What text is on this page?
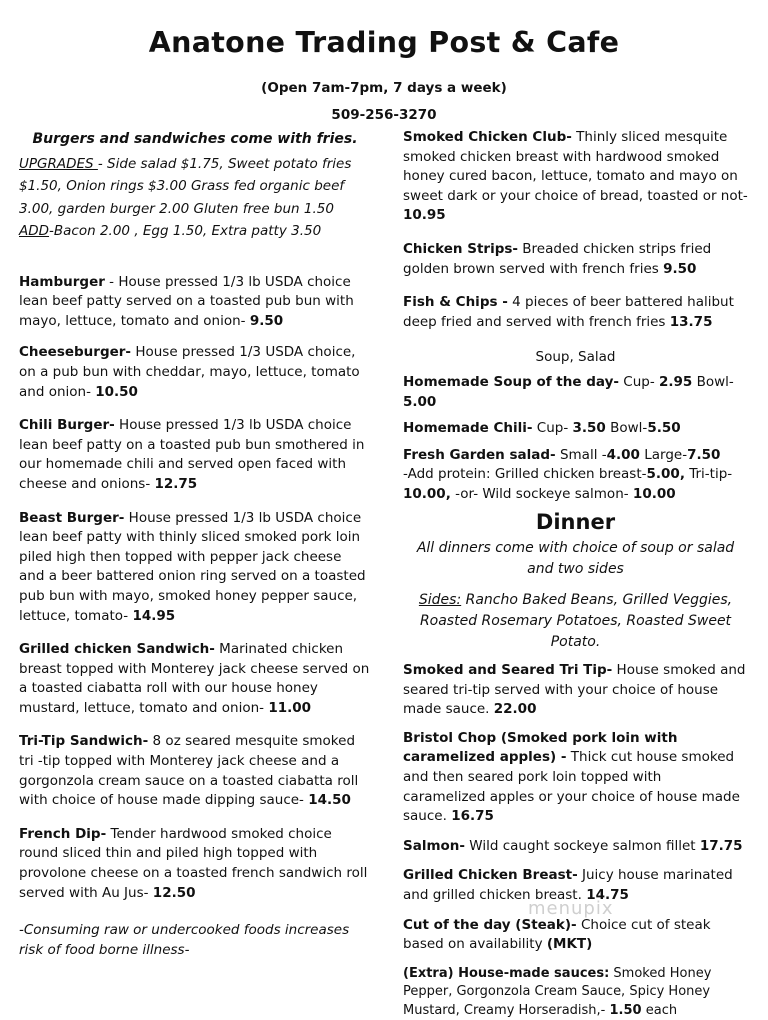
Anatone Trading Post & Cafe
(Open 7am-7pm, 7 days a week)
509-256-3270
Burgers and sandwiches come with fries.
UPGRADES - Side salad $1.75, Sweet potato fries $1.50, Onion rings $3.00 Grass fed organic beef 3.00, garden burger 2.00 Gluten free bun 1.50
ADD-Bacon 2.00 , Egg 1.50, Extra patty 3.50

Hamburger - House pressed 1/3 lb USDA choice lean beef patty served on a toasted pub bun with mayo, lettuce, tomato and onion- 9.50

Cheeseburger- House pressed 1/3 USDA choice, on a pub bun with cheddar, mayo, lettuce, tomato and onion- 10.50

Chili Burger- House pressed 1/3 lb USDA choice lean beef patty on a toasted pub bun smothered in our homemade chili and served open faced with cheese and onions- 12.75

Beast Burger- House pressed 1/3 lb USDA choice lean beef patty with thinly sliced smoked pork loin piled high then topped with pepper jack cheese and a beer battered onion ring served on a toasted pub bun with mayo, smoked honey pepper sauce, lettuce, tomato- 14.95

Grilled chicken Sandwich- Marinated chicken breast topped with Monterey jack cheese served on a toasted ciabatta roll with our house honey mustard, lettuce, tomato and onion- 11.00

Tri-Tip Sandwich- 8 oz seared mesquite smoked tri -tip topped with Monterey jack cheese and a gorgonzola cream sauce on a toasted ciabatta roll with choice of house made dipping sauce- 14.50

French Dip- Tender hardwood smoked choice round sliced thin and piled high topped with provolone cheese on a toasted french sandwich roll served with Au Jus- 12.50

-Consuming raw or undercooked foods increases risk of food borne illness-

Smoked Chicken Club- Thinly sliced mesquite smoked chicken breast with hardwood smoked honey cured bacon, lettuce, tomato and mayo on sweet dark or your choice of bread, toasted or not- 10.95

Chicken Strips- Breaded chicken strips fried golden brown served with french fries 9.50

Fish & Chips - 4 pieces of beer battered halibut deep fried and served with french fries 13.75

Soup, Salad

Homemade Soup of the day- Cup- 2.95 Bowl- 5.00

Homemade Chili- Cup- 3.50 Bowl-5.50

Fresh Garden salad- Small -4.00 Large-7.50
-Add protein: Grilled chicken breast-5.00, Tri-tip-10.00, -or- Wild sockeye salmon- 10.00

Dinner
All dinners come with choice of soup or salad and two sides
Sides: Rancho Baked Beans, Grilled Veggies, Roasted Rosemary Potatoes, Roasted Sweet Potato.

Smoked and Seared Tri Tip- House smoked and seared tri-tip served with your choice of house made sauce. 22.00

Bristol Chop (Smoked pork loin with caramelized apples) - Thick cut house smoked and then seared pork loin topped with caramelized apples or your choice of house made sauce. 16.75

Salmon- Wild caught sockeye salmon fillet 17.75

Grilled Chicken Breast- Juicy house marinated and grilled chicken breast. 14.75

Cut of the day (Steak)- Choice cut of steak based on availability (MKT)

(Extra) House-made sauces: Smoked Honey Pepper, Gorgonzola Cream Sauce, Spicy Honey Mustard, Creamy Horseradish,- 1.50 each

menupix
